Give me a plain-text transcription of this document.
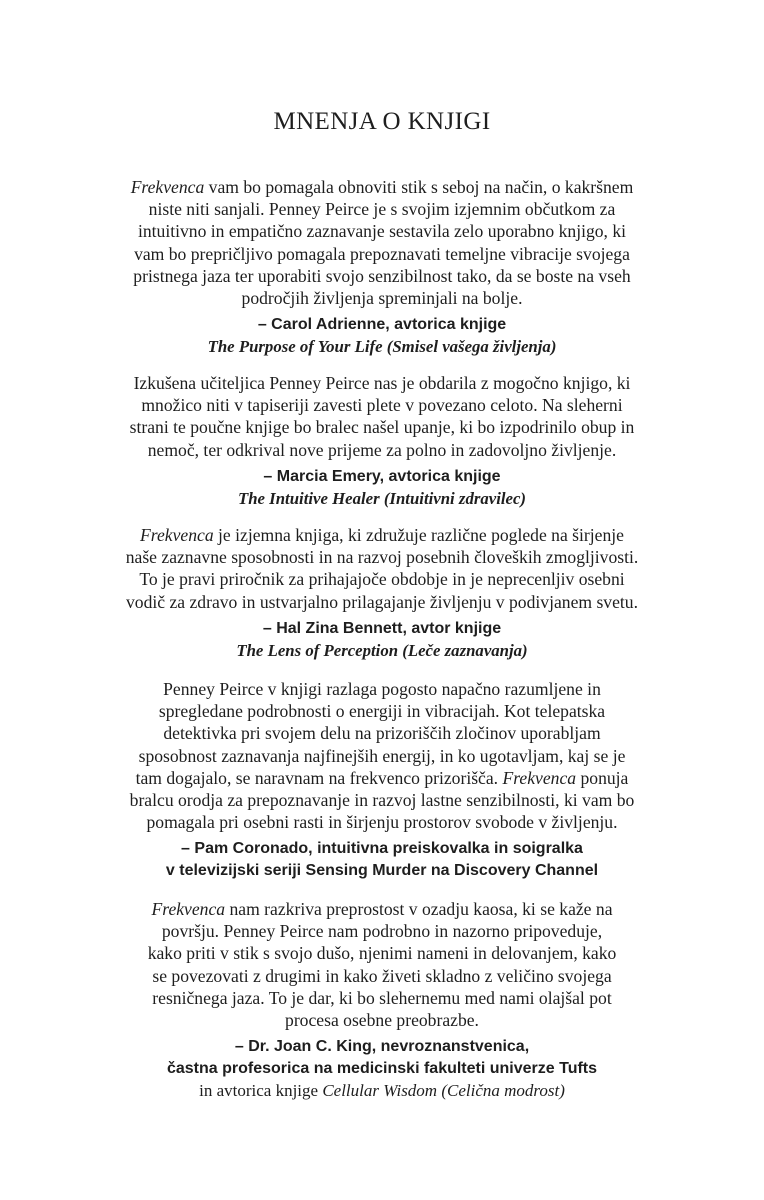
MNENJA O KNJIGI

Frekvenca vam bo pomagala obnoviti stik s seboj na način, o kakršnem
niste niti sanjali. Penney Peirce je s svojim izjemnim občutkom za
intuitivno in empatično zaznavanje sestavila zelo uporabno knjigo, ki
vam bo prepričljivo pomagala prepoznavati temeljne vibracije svojega
pristnega jaza ter uporabiti svojo senzibilnost tako, da se boste na vseh
področjih življenja spreminjali na bolje.

– Carol Adrienne, avtorica knjige
The Purpose of Your Life (Smisel vašega življenja)

Izkušena učiteljica Penney Peirce nas je obdarila z mogočno knjigo, ki
množico niti v tapiseriji zavesti plete v povezano celoto. Na sleherni
strani te poučne knjige bo bralec našel upanje, ki bo izpodrinilo obup in
nemoč, ter odkrival nove prijeme za polno in zadovoljno življenje.

– Marcia Emery, avtorica knjige
The Intuitive Healer (Intuitivni zdravilec)

Frekvenca je izjemna knjiga, ki združuje različne poglede na širjenje
naše zaznavne sposobnosti in na razvoj posebnih človeških zmogljivosti.
To je pravi priročnik za prihajajoče obdobje in je neprecenljiv osebni
vodič za zdravo in ustvarjalno prilagajanje življenju v podivjanem svetu.

– Hal Zina Bennett, avtor knjige
The Lens of Perception (Leče zaznavanja)

Penney Peirce v knjigi razlaga pogosto napačno razumljene in
spregledane podrobnosti o energiji in vibracijah. Kot telepatska
detektivka pri svojem delu na prizoriščih zločinov uporabljam
sposobnost zaznavanja najfinejših energij, in ko ugotavljam, kaj se je
tam dogajalo, se naravnam na frekvenco prizorišča. Frekvenca ponuja
bralcu orodja za prepoznavanje in razvoj lastne senzibilnosti, ki vam bo
pomagala pri osebni rasti in širjenju prostorov svobode v življenju.

– Pam Coronado, intuitivna preiskovalka in soigralka
v televizijski seriji Sensing Murder na Discovery Channel

Frekvenca nam razkriva preprostost v ozadju kaosa, ki se kaže na
površju. Penney Peirce nam podrobno in nazorno pripoveduje,
kako priti v stik s svojo dušo, njenimi nameni in delovanjem, kako
se povezovati z drugimi in kako živeti skladno z veličino svojega
resničnega jaza. To je dar, ki bo slehernemu med nami olajšal pot
procesa osebne preobrazbe.

– Dr. Joan C. King, nevroznanstvenica,
častna profesorica na medicinski fakulteti univerze Tufts
in avtorica knjige Cellular Wisdom (Celična modrost)
